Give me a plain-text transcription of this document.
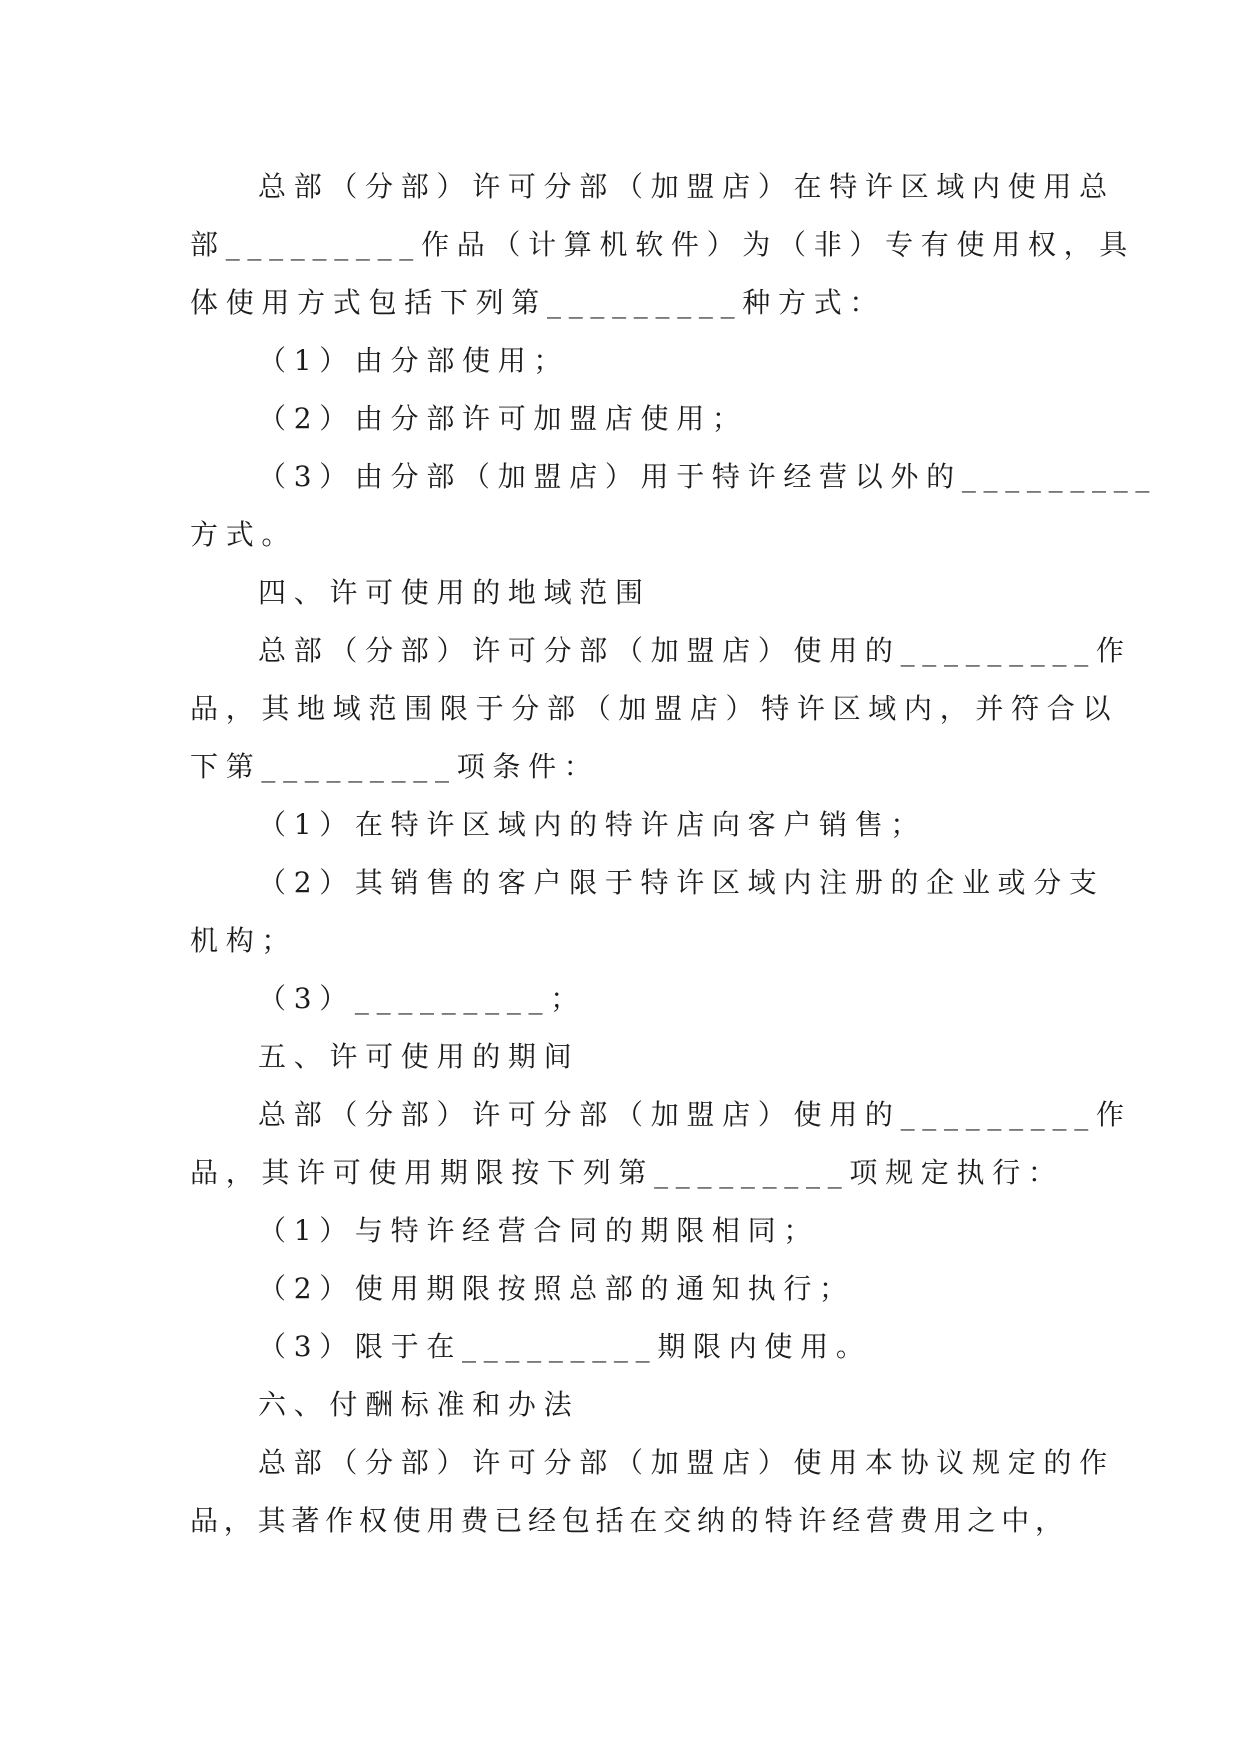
总部（分部）许可分部（加盟店）在特许区域内使用总
部_________作品（计算机软件）为（非）专有使用权，具
体使用方式包括下列第_________种方式：
（1）由分部使用；
（2）由分部许可加盟店使用；
（3）由分部（加盟店）用于特许经营以外的_________
方式。
四、许可使用的地域范围
总部（分部）许可分部（加盟店）使用的_________作
品，其地域范围限于分部（加盟店）特许区域内，并符合以
下第_________项条件：
（1）在特许区域内的特许店向客户销售；
（2）其销售的客户限于特许区域内注册的企业或分支
机构；
（3）_________；
五、许可使用的期间
总部（分部）许可分部（加盟店）使用的_________作
品，其许可使用期限按下列第_________项规定执行：
（1）与特许经营合同的期限相同；
（2）使用期限按照总部的通知执行；
（3）限于在_________期限内使用。
六、付酬标准和办法
总部（分部）许可分部（加盟店）使用本协议规定的作
品，其著作权使用费已经包括在交纳的特许经营费用之中，
